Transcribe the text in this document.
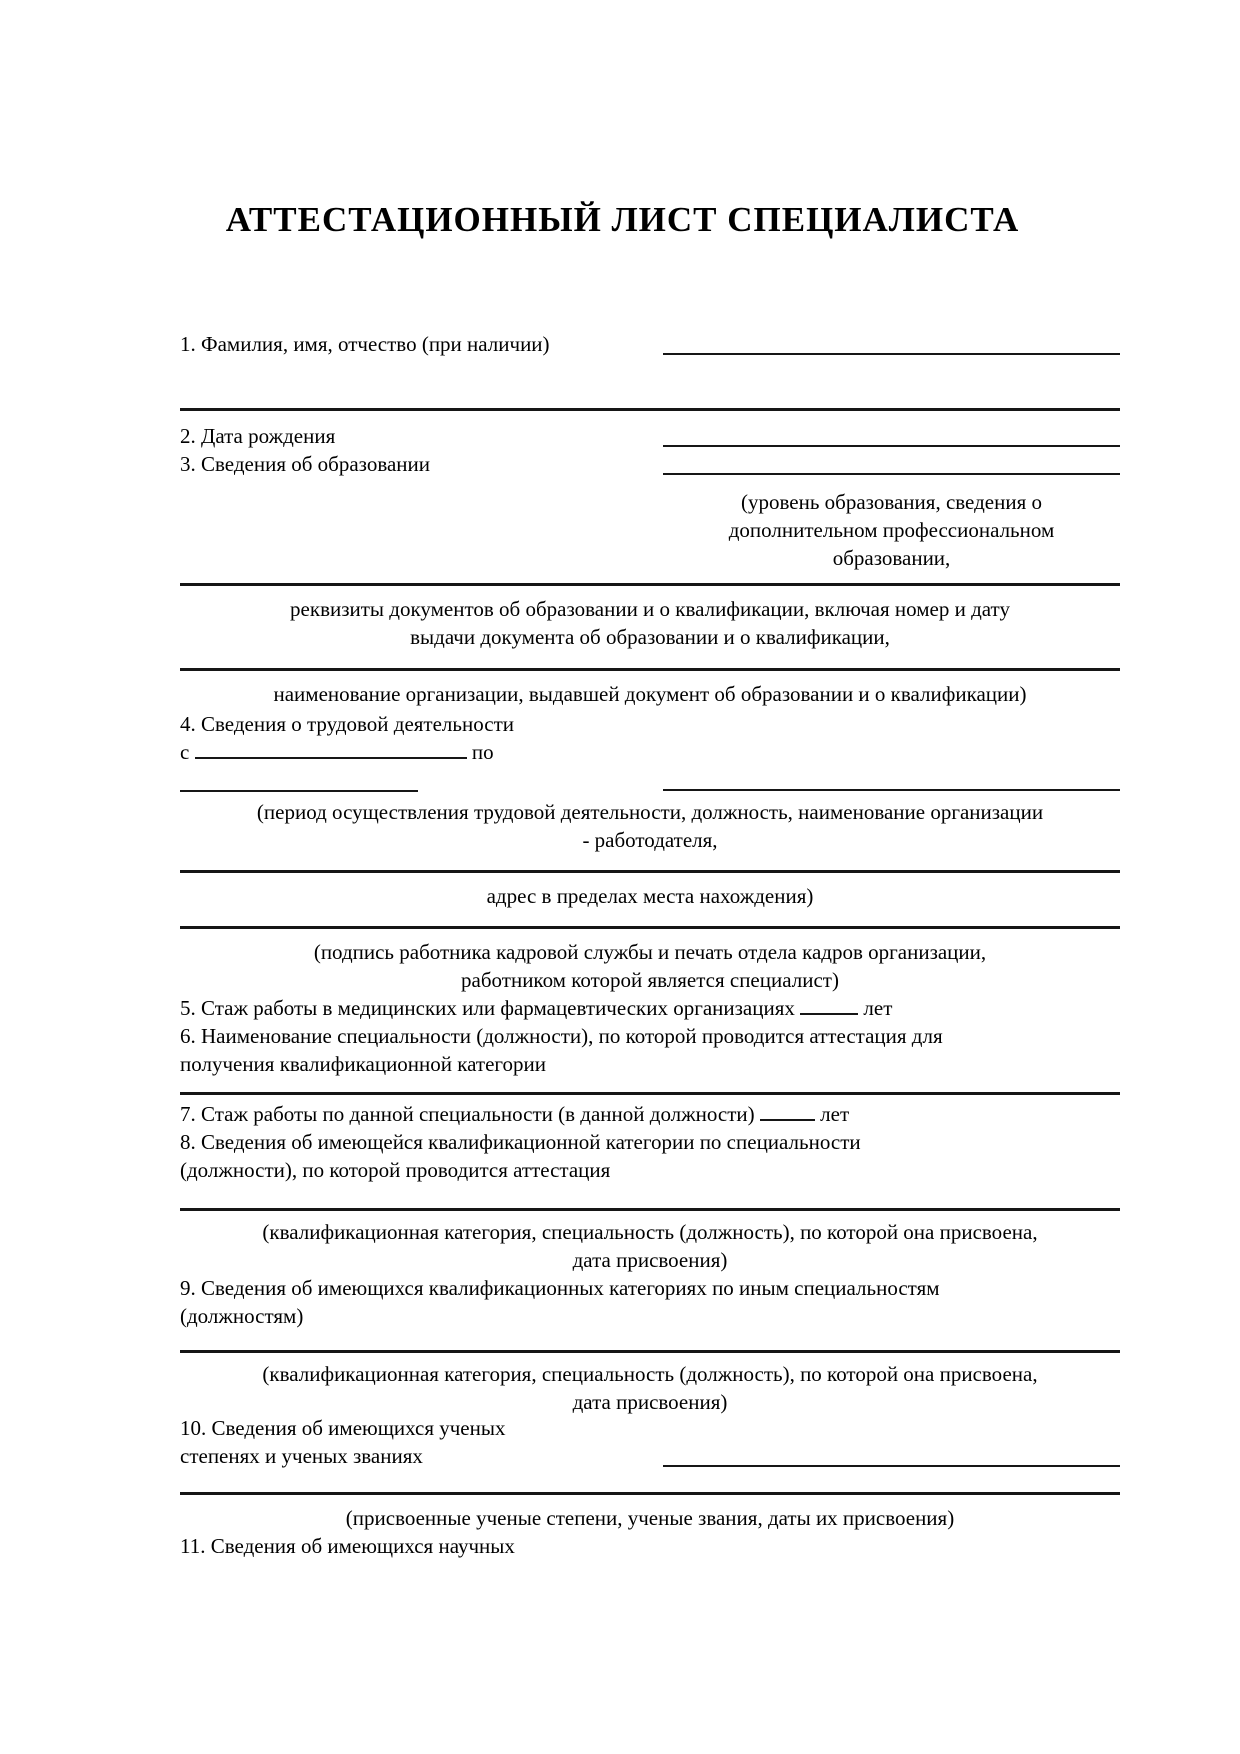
АТТЕСТАЦИОННЫЙ ЛИСТ СПЕЦИАЛИСТА
1. Фамилия, имя, отчество (при наличии)
2. Дата рождения
3. Сведения об образовании
(уровень образования, сведения о
дополнительном профессиональном
образовании,
реквизиты документов об образовании и о квалификации, включая номер и дату
выдачи документа об образовании и о квалификации,
наименование организации, выдавшей документ об образовании и о квалификации)
4. Сведения о трудовой деятельности
с	по
(период осуществления трудовой деятельности, должность, наименование организации
- работодателя,
адрес в пределах места нахождения)
(подпись работника кадровой службы и печать отдела кадров организации,
работником которой является специалист)
5. Стаж работы в медицинских или фармацевтических организациях	лет
6. Наименование специальности (должности), по которой проводится аттестация для
получения квалификационной категории
7. Стаж работы по данной специальности (в данной должности)	лет
8. Сведения об имеющейся квалификационной категории по специальности
(должности), по которой проводится аттестация
(квалификационная категория, специальность (должность), по которой она присвоена,
дата присвоения)
9. Сведения об имеющихся квалификационных категориях по иным специальностям
(должностям)
(квалификационная категория, специальность (должность), по которой она присвоена,
дата присвоения)
10. Сведения об имеющихся ученых
степенях и ученых званиях
(присвоенные ученые степени, ученые звания, даты их присвоения)
11. Сведения об имеющихся научных
